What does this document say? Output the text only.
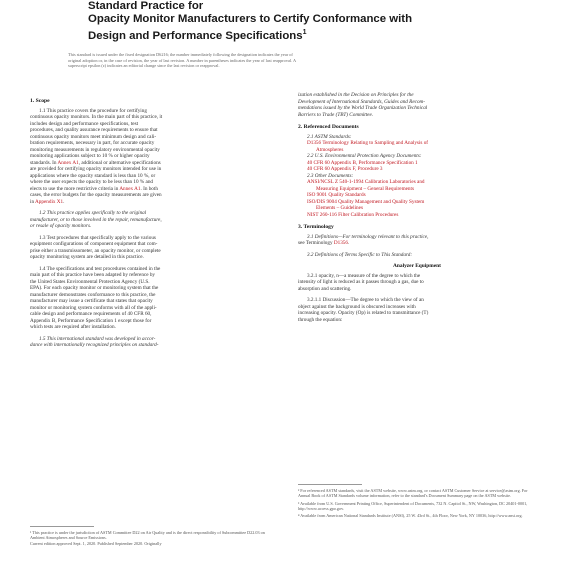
Standard Practice for
Opacity Monitor Manufacturers to Certify Conformance with
Design and Performance Specifications$^1$
This standard is issued under the fixed designation D6216; the number immediately following the designation indicates the year of
original adoption or, in the case of revision, the year of last revision. A number in parentheses indicates the year of last reapproval. A
superscript epsilon (ε) indicates an editorial change since the last revision or reapproval.
1. Scope
1.1 This practice covers the procedure for certifying
continuous opacity monitors. In the main part of this practice, it
includes design and performance specifications, test
procedures, and quality assurance requirements to ensure that
continuous opacity monitors meet minimum design and cali-
bration requirements, necessary in part, for accurate opacity
monitoring measurements in regulatory environmental opacity
monitoring applications subject to 10 % or higher opacity
standards. In Annex A1, additional or alternative specifications
are provided for certifying opacity monitors intended for use in
applications where the opacity standard is less than 10 %, or
where the user expects the opacity to be less than 10 % and
elects to use the more restrictive criteria in Annex A1. In both
cases, the error budgets for the opacity measurements are given
in Appendix X1.
1.2 This practice applies specifically to the original
manufacturer, or to those involved in the repair, remanufacture,
or resale of opacity monitors.
1.3 Test procedures that specifically apply to the various
equipment configurations of component equipment that com-
prise either a transmissometer, an opacity monitor, or complete
opacity monitoring system are detailed in this practice.
1.4 The specifications and test procedures contained in the
main part of this practice have been adapted by reference by
the United States Environmental Protection Agency (U.S.
EPA). For each opacity monitor or monitoring system that the
manufacturer demonstrates conformance to this practice, the
manufacturer may issue a certificate that states that opacity
monitor or monitoring system conforms with all of the appli-
cable design and performance requirements of 40 CFR 60,
Appendix B, Performance Specification 1 except those for
which tests are required after installation.
1.5 This international standard was developed in accor-
dance with internationally recognized principles on standard-
¹ This practice is under the jurisdiction of ASTM Committee D22 on Air Quality and is the direct responsibility of Subcommittee D22.03 on Ambient Atmospheres and Source Emissions.
Current edition approved Sept. 1, 2020. Published September 2020. Originally
ization established in the Decision on Principles for the
Development of International Standards, Guides and Recom-
mendations issued by the World Trade Organization Technical
Barriers to Trade (TBT) Committee.
2. Referenced Documents
2.1 ASTM Standards:
D1356 Terminology Relating to Sampling and Analysis of
Atmospheres
2.2 U.S. Environmental Protection Agency Documents:
40 CFR 60 Appendix B, Performance Specification 1
40 CFR 60 Appendix F, Procedure 3
2.3 Other Documents:
ANSI/NCSL Z 540-1-1994 Calibration Laboratories and
Measuring Equipment – General Requirements
ISO 9001 Quality Standards
ISO/DIS 9004 Quality Management and Quality System
Elements – Guidelines
NIST 260-116 Filter Calibration Procedures
3. Terminology
3.1 Definitions—For terminology relevant to this practice,
see Terminology D1356.
3.2 Definitions of Terms Specific to This Standard:
Analyzer Equipment
3.2.1 opacity, n—a measure of the degree to which the
intensity of light is reduced as it passes through a gas, due to
absorption and scattering.
3.2.1.1 Discussion—The degree to which the view of an
object against the background is obscured increases with
increasing opacity. Opacity (Op) is related to transmittance (T)
through the equation:
² For referenced ASTM standards, visit the ASTM website, www.astm.org, or contact ASTM Customer Service at service@astm.org. For Annual Book of ASTM Standards volume information, refer to the standard's Document Summary page on the ASTM website.
³ Available from U.S. Government Printing Office, Superintendent of Documents, 732 N. Capitol St., NW, Washington, DC 20401-0001, http://www.access.gpo.gov.
⁴ Available from American National Standards Institute (ANSI), 25 W. 43rd St., 4th Floor, New York, NY 10036, http://www.ansi.org.
